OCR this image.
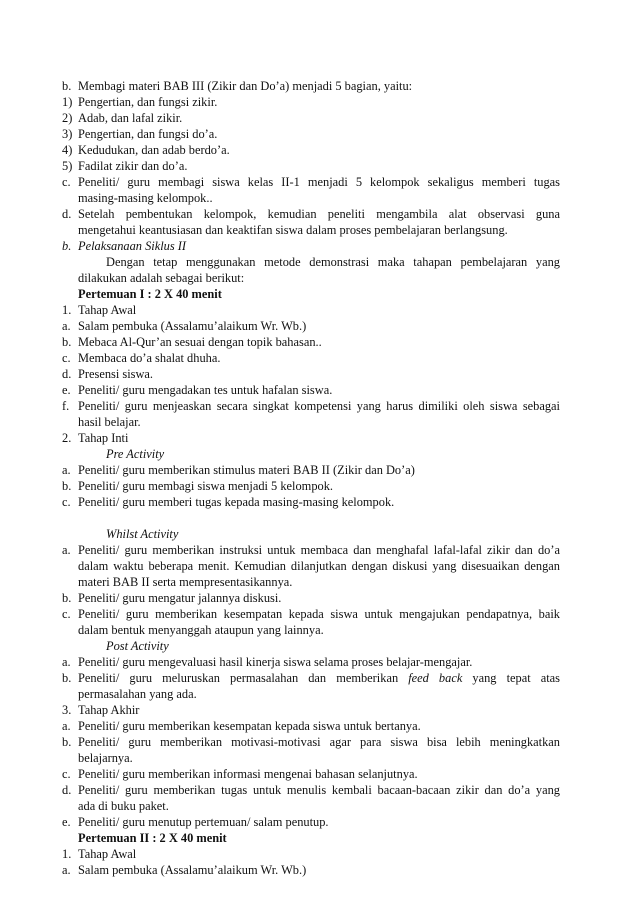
b. Membagi materi BAB III (Zikir dan Do’a) menjadi 5 bagian, yaitu:
1) Pengertian, dan fungsi zikir.
2) Adab, dan lafal zikir.
3) Pengertian, dan fungsi do’a.
4) Kedudukan, dan adab berdo’a.
5) Fadilat zikir dan do’a.
c. Peneliti/ guru membagi siswa kelas II-1 menjadi 5 kelompok sekaligus memberi tugas
masing-masing kelompok..
d. Setelah pembentukan kelompok, kemudian peneliti mengambila alat observasi guna
mengetahui keantusiasan dan keaktifan siswa dalam proses pembelajaran berlangsung.
b. Pelaksanaan Siklus II
Dengan tetap menggunakan metode demonstrasi maka tahapan pembelajaran yang
dilakukan adalah sebagai berikut:
Pertemuan I : 2 X 40 menit
1. Tahap Awal
a. Salam pembuka (Assalamu’alaikum Wr. Wb.)
b. Mebaca Al-Qur’an sesuai dengan topik bahasan..
c. Membaca do’a shalat dhuha.
d. Presensi siswa.
e. Peneliti/ guru mengadakan tes untuk hafalan siswa.
f. Peneliti/ guru menjeaskan secara singkat kompetensi yang harus dimiliki oleh siswa sebagai
hasil belajar.
2. Tahap Inti
Pre Activity
a. Peneliti/ guru memberikan stimulus materi BAB II (Zikir dan Do’a)
b. Peneliti/ guru membagi siswa menjadi 5 kelompok.
c. Peneliti/ guru memberi tugas kepada masing-masing kelompok.
Whilst Activity
a. Peneliti/ guru memberikan instruksi untuk membaca dan menghafal lafal-lafal zikir dan do’a
dalam waktu beberapa menit. Kemudian dilanjutkan dengan diskusi yang disesuaikan dengan
materi BAB II serta mempresentasikannya.
b. Peneliti/ guru mengatur jalannya diskusi.
c. Peneliti/ guru memberikan kesempatan kepada siswa untuk mengajukan pendapatnya, baik
dalam bentuk menyanggah ataupun yang lainnya.
Post Activity
a. Peneliti/ guru mengevaluasi hasil kinerja siswa selama proses belajar-mengajar.
b. Peneliti/ guru meluruskan permasalahan dan memberikan feed back yang tepat atas
permasalahan yang ada.
3. Tahap Akhir
a. Peneliti/ guru memberikan kesempatan kepada siswa untuk bertanya.
b. Peneliti/ guru memberikan motivasi-motivasi agar para siswa bisa lebih meningkatkan
belajarnya.
c. Peneliti/ guru memberikan informasi mengenai bahasan selanjutnya.
d. Peneliti/ guru memberikan tugas untuk menulis kembali bacaan-bacaan zikir dan do’a yang
ada di buku paket.
e. Peneliti/ guru menutup pertemuan/ salam penutup.
Pertemuan II : 2 X 40 menit
1. Tahap Awal
a. Salam pembuka (Assalamu’alaikum Wr. Wb.)
